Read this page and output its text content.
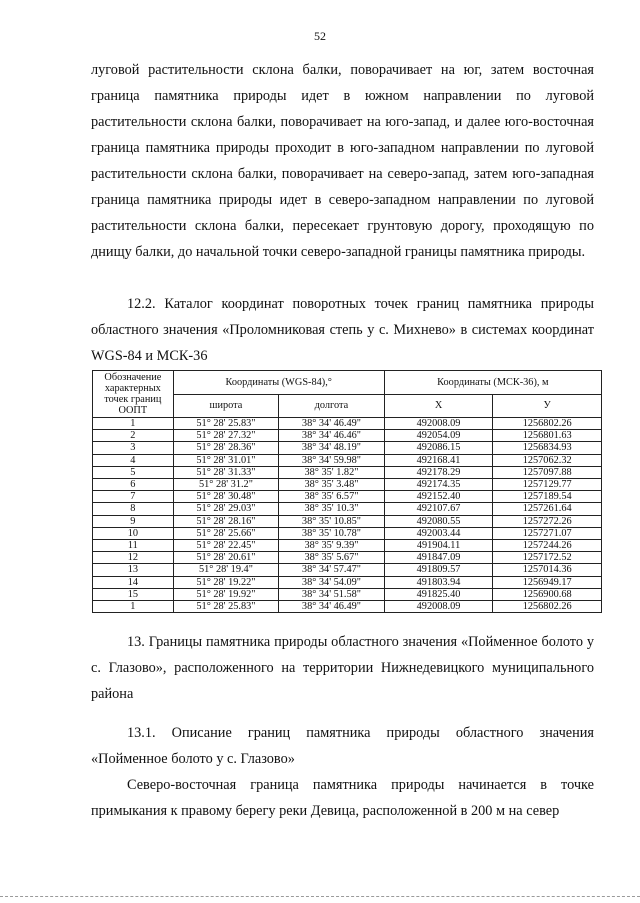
52

луговой растительности склона балки, поворачивает на юг, затем восточная граница памятника природы идет в южном направлении по луговой растительности склона балки, поворачивает на юго-запад, и далее юго-восточная граница памятника природы проходит в юго-западном направлении по луговой растительности склона балки, поворачивает на северо-запад, затем юго-западная граница памятника природы идет в северо-западном направлении по луговой растительности склона балки, пересекает грунтовую дорогу, проходящую по днищу балки, до начальной точки северо-западной границы памятника природы.

12.2. Каталог координат поворотных точек границ памятника природы областного значения «Проломниковая степь у с. Михнево» в системах координат WGS-84 и МСК-36

Обозначение характерных точек границ ООПТ	Координаты (WGS-84),°		Координаты (МСК-36), м	
	широта	долгота	X	У
1	51° 28' 25.83"	38° 34' 46.49"	492008.09	1256802.26
2	51° 28' 27.32"	38° 34' 46.46"	492054.09	1256801.63
3	51° 28' 28.36"	38° 34' 48.19"	492086.15	1256834.93
4	51° 28' 31.01"	38° 34' 59.98"	492168.41	1257062.32
5	51° 28' 31.33"	38° 35' 1.82"	492178.29	1257097.88
6	51° 28' 31.2"	38° 35' 3.48"	492174.35	1257129.77
7	51° 28' 30.48"	38° 35' 6.57"	492152.40	1257189.54
8	51° 28' 29.03"	38° 35' 10.3"	492107.67	1257261.64
9	51° 28' 28.16"	38° 35' 10.85"	492080.55	1257272.26
10	51° 28' 25.66"	38° 35' 10.78"	492003.44	1257271.07
11	51° 28' 22.45"	38° 35' 9.39"	491904.11	1257244.26
12	51° 28' 20.61"	38° 35' 5.67"	491847.09	1257172.52
13	51° 28' 19.4"	38° 34' 57.47"	491809.57	1257014.36
14	51° 28' 19.22"	38° 34' 54.09"	491803.94	1256949.17
15	51° 28' 19.92"	38° 34' 51.58"	491825.40	1256900.68
1	51° 28' 25.83"	38° 34' 46.49"	492008.09	1256802.26

13. Границы памятника природы областного значения «Пойменное болото у с. Глазово», расположенного на территории Нижнедевицкого муниципального района

13.1. Описание границ памятника природы областного значения «Пойменное болото у с. Глазово»

Северо-восточная граница памятника природы начинается в точке примыкания к правому берегу реки Девица, расположенной в 200 м на север
